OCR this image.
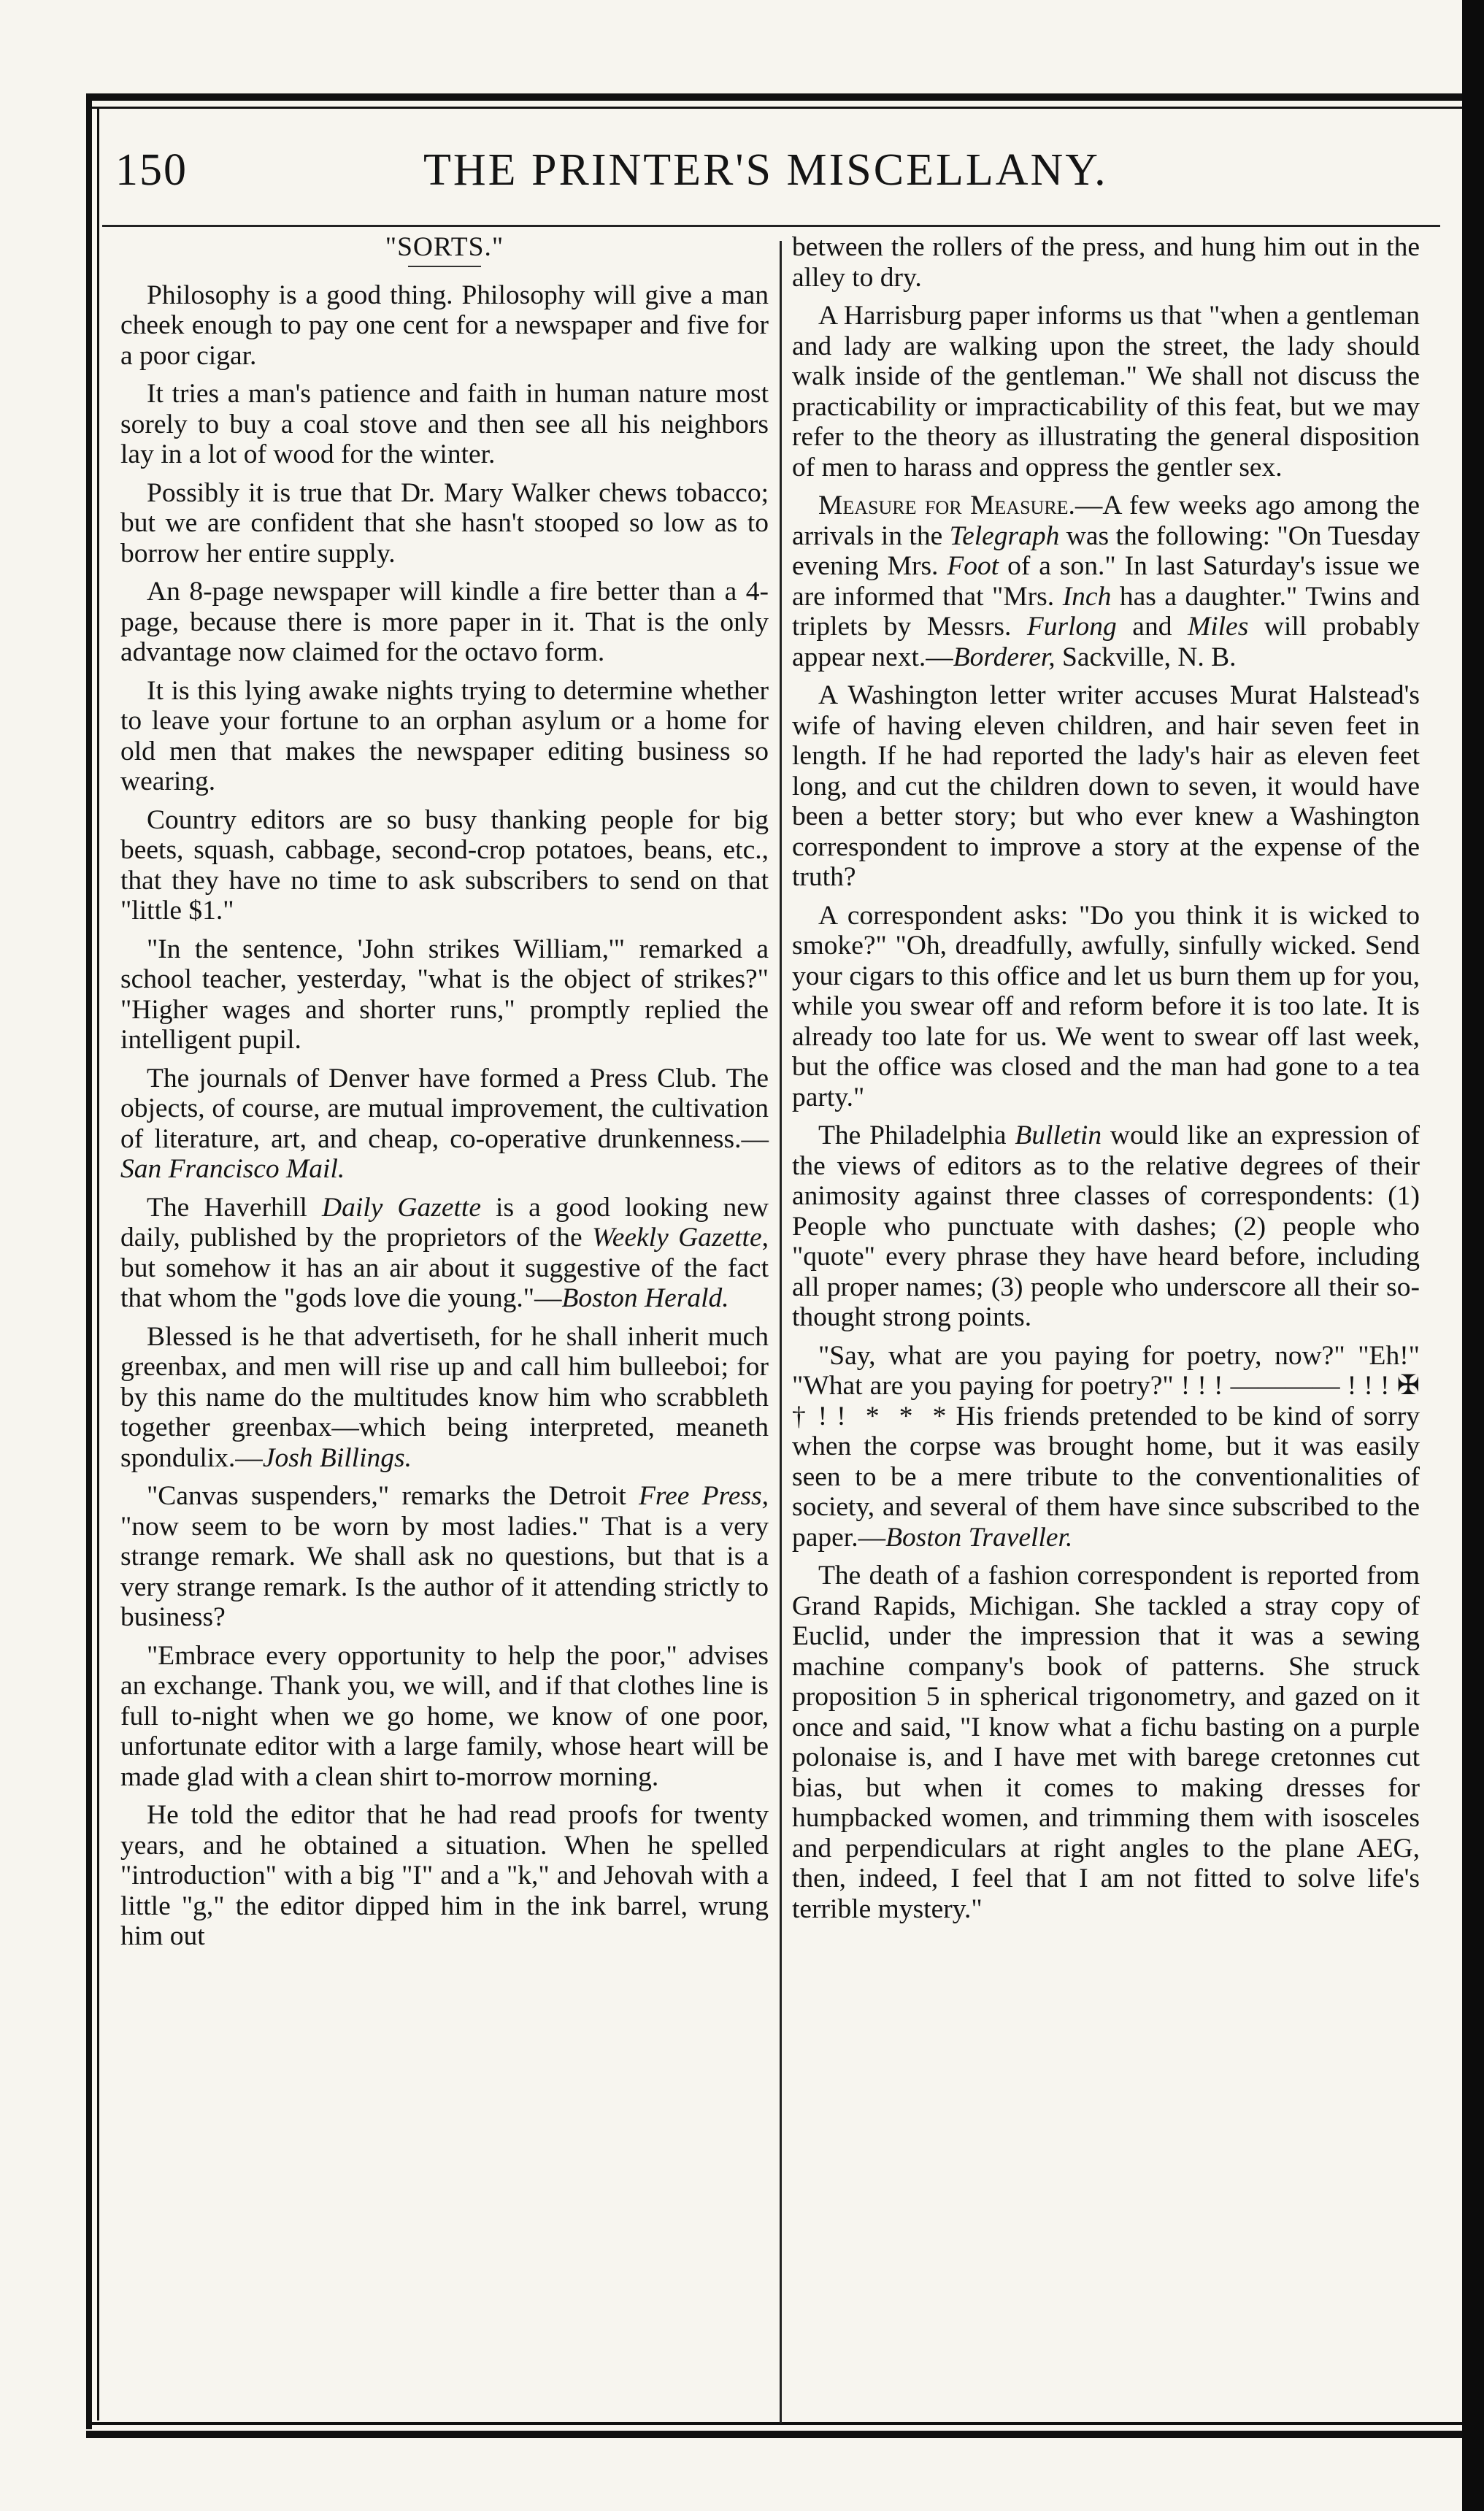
150	THE PRINTER'S MISCELLANY.
"SORTS."

Philosophy is a good thing. Philosophy will give a man cheek enough to pay one cent for a newspaper and five for a poor cigar.

It tries a man's patience and faith in human nature most sorely to buy a coal stove and then see all his neighbors lay in a lot of wood for the winter.

Possibly it is true that Dr. Mary Walker chews tobacco; but we are confident that she hasn't stooped so low as to borrow her entire supply.

An 8-page newspaper will kindle a fire better than a 4-page, because there is more paper in it. That is the only advantage now claimed for the octavo form.

It is this lying awake nights trying to determine whether to leave your fortune to an orphan asylum or a home for old men that makes the newspaper editing business so wearing.

Country editors are so busy thanking people for big beets, squash, cabbage, second-crop potatoes, beans, etc., that they have no time to ask subscribers to send on that "little $1."

"In the sentence, 'John strikes William,'" remarked a school teacher, yesterday, "what is the object of strikes?" "Higher wages and shorter runs," promptly replied the intelligent pupil.

The journals of Denver have formed a Press Club. The objects, of course, are mutual improvement, the cultivation of literature, art, and cheap, co-operative drunkenness.—San Francisco Mail.

The Haverhill Daily Gazette is a good looking new daily, published by the proprietors of the Weekly Gazette, but somehow it has an air about it suggestive of the fact that whom the "gods love die young."—Boston Herald.

Blessed is he that advertiseth, for he shall inherit much greenbax, and men will rise up and call him bulleeboi; for by this name do the multitudes know him who scrabbleth together greenbax—which being interpreted, meaneth spondulix.—Josh Billings.

"Canvas suspenders," remarks the Detroit Free Press, "now seem to be worn by most ladies." That is a very strange remark. We shall ask no questions, but that is a very strange remark. Is the author of it attending strictly to business?

"Embrace every opportunity to help the poor," advises an exchange. Thank you, we will, and if that clothes line is full to-night when we go home, we know of one poor, unfortunate editor with a large family, whose heart will be made glad with a clean shirt to-morrow morning.

He told the editor that he had read proofs for twenty years, and he obtained a situation. When he spelled "introduction" with a big "I" and a "k," and Jehovah with a little "g," the editor dipped him in the ink barrel, wrung him out

between the rollers of the press, and hung him out in the alley to dry.

A Harrisburg paper informs us that "when a gentleman and lady are walking upon the street, the lady should walk inside of the gentleman." We shall not discuss the practicability or impracticability of this feat, but we may refer to the theory as illustrating the general disposition of men to harass and oppress the gentler sex.

Measure for Measure.—A few weeks ago among the arrivals in the Telegraph was the following: "On Tuesday evening Mrs. Foot of a son." In last Saturday's issue we are informed that "Mrs. Inch has a daughter." Twins and triplets by Messrs. Furlong and Miles will probably appear next.—Borderer, Sackville, N. B.

A Washington letter writer accuses Murat Halstead's wife of having eleven children, and hair seven feet in length. If he had reported the lady's hair as eleven feet long, and cut the children down to seven, it would have been a better story; but who ever knew a Washington correspondent to improve a story at the expense of the truth?

A correspondent asks: "Do you think it is wicked to smoke?" "Oh, dreadfully, awfully, sinfully wicked. Send your cigars to this office and let us burn them up for you, while you swear off and reform before it is too late. It is already too late for us. We went to swear off last week, but the office was closed and the man had gone to a tea party."

The Philadelphia Bulletin would like an expression of the views of editors as to the relative degrees of their animosity against three classes of correspondents: (1) People who punctuate with dashes; (2) people who "quote" every phrase they have heard before, including all proper names; (3) people who underscore all their so-thought strong points.

"Say, what are you paying for poetry, now?" "Eh!" "What are you paying for poetry?" ! ! ! ———— ! ! ! ✠ † ! ! * * * His friends pretended to be kind of sorry when the corpse was brought home, but it was easily seen to be a mere tribute to the conventionalities of society, and several of them have since subscribed to the paper.—Boston Traveller.

The death of a fashion correspondent is reported from Grand Rapids, Michigan. She tackled a stray copy of Euclid, under the impression that it was a sewing machine company's book of patterns. She struck proposition 5 in spherical trigonometry, and gazed on it once and said, "I know what a fichu basting on a purple polonaise is, and I have met with barege cretonnes cut bias, but when it comes to making dresses for humpbacked women, and trimming them with isosceles and perpendiculars at right angles to the plane AEG, then, indeed, I feel that I am not fitted to solve life's terrible mystery."
